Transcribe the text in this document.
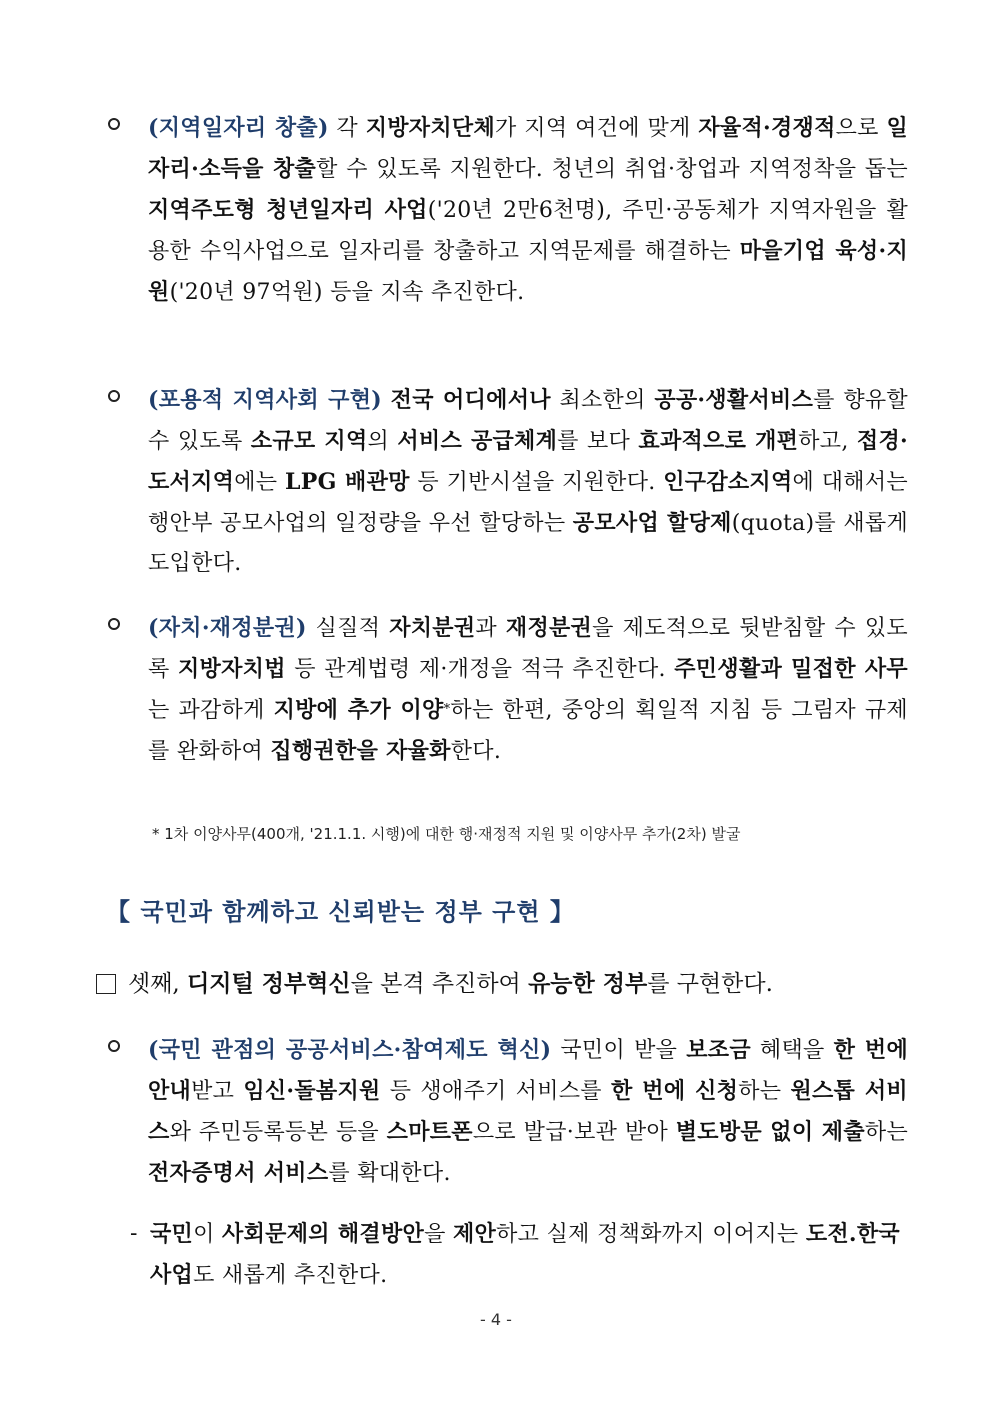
(지역일자리 창출) 각 지방자치단체가 지역 여건에 맞게 자율적·경쟁적으로 일자리·소득을 창출할 수 있도록 지원한다. 청년의 취업·창업과 지역정착을 돕는 지역주도형 청년일자리 사업('20년 2만6천명), 주민·공동체가 지역자원을 활용한 수익사업으로 일자리를 창출하고 지역문제를 해결하는 마을기업 육성·지원('20년 97억원) 등을 지속 추진한다.
(포용적 지역사회 구현) 전국 어디에서나 최소한의 공공·생활서비스를 향유할 수 있도록 소규모 지역의 서비스 공급체계를 보다 효과적으로 개편하고, 접경·도서지역에는 LPG 배관망 등 기반시설을 지원한다. 인구감소지역에 대해서는 행안부 공모사업의 일정량을 우선 할당하는 공모사업 할당제(quota)를 새롭게 도입한다.
(자치·재정분권) 실질적 자치분권과 재정분권을 제도적으로 뒷받침할 수 있도록 지방자치법 등 관계법령 제·개정을 적극 추진한다. 주민생활과 밀접한 사무는 과감하게 지방에 추가 이양*하는 한편, 중앙의 획일적 지침 등 그림자 규제를 완화하여 집행권한을 자율화한다.
* 1차 이양사무(400개, '21.1.1. 시행)에 대한 행·재정적 지원 및 이양사무 추가(2차) 발굴
【 국민과 함께하고 신뢰받는 정부 구현 】
셋째, 디지털 정부혁신을 본격 추진하여 유능한 정부를 구현한다.
(국민 관점의 공공서비스·참여제도 혁신) 국민이 받을 보조금 혜택을 한 번에 안내받고 임신·돌봄지원 등 생애주기 서비스를 한 번에 신청하는 원스톱 서비스와 주민등록등본 등을 스마트폰으로 발급·보관 받아 별도방문 없이 제출하는 전자증명서 서비스를 확대한다.
- 국민이 사회문제의 해결방안을 제안하고 실제 정책화까지 이어지는 도전.한국 사업도 새롭게 추진한다.
- 4 -
